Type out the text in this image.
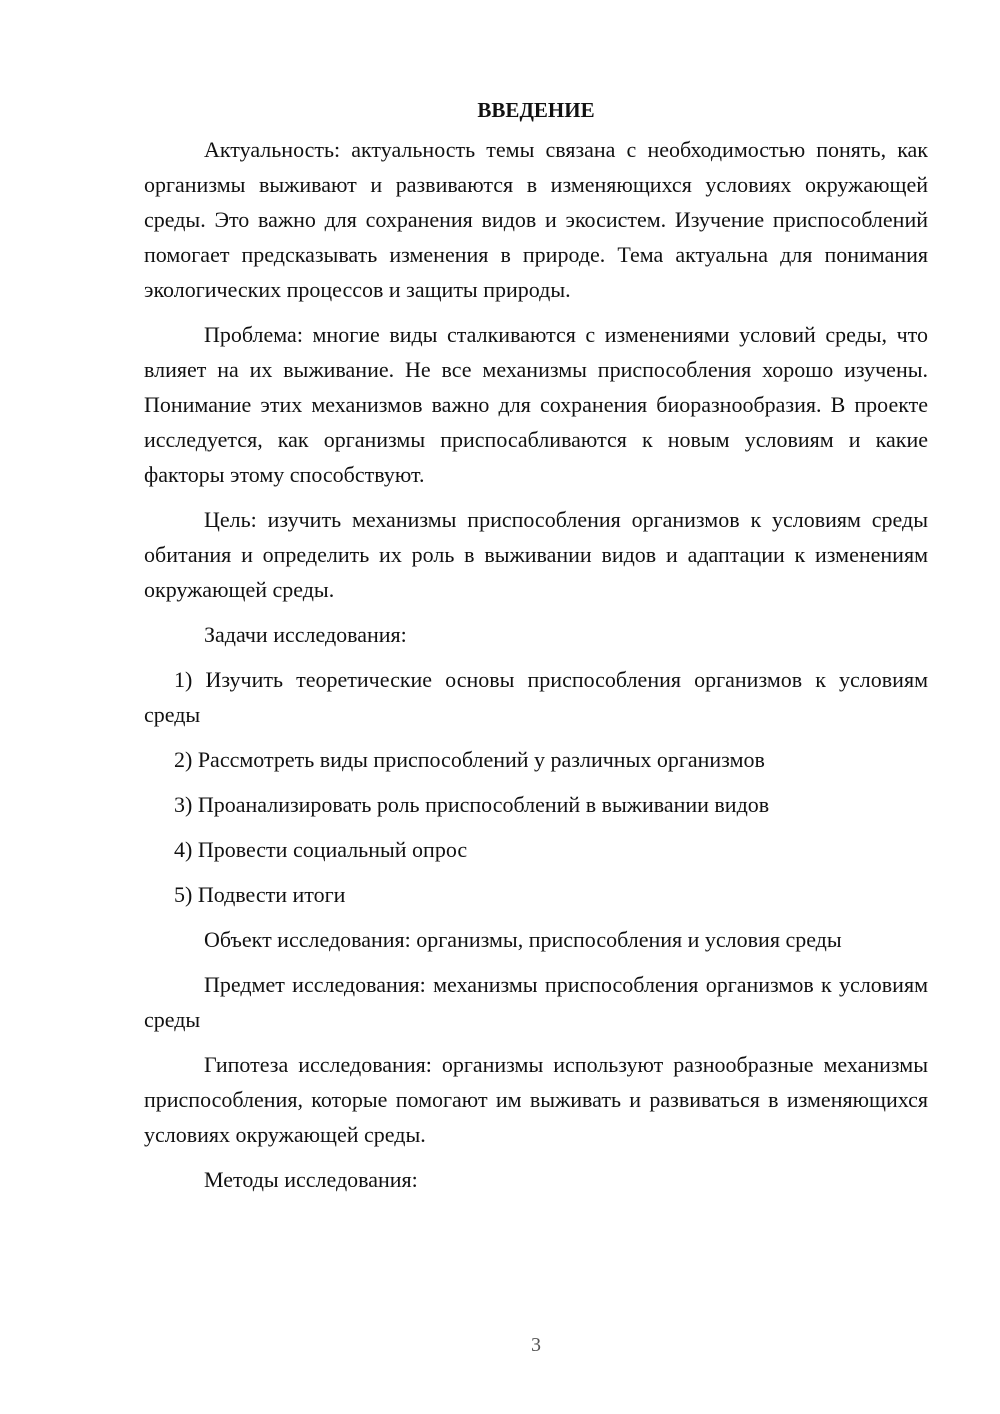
ВВЕДЕНИЕ

Актуальность: актуальность темы связана с необходимостью понять, как организмы выживают и развиваются в изменяющихся условиях окружающей среды. Это важно для сохранения видов и экосистем. Изучение приспособлений помогает предсказывать изменения в природе. Тема актуальна для понимания экологических процессов и защиты природы.

Проблема: многие виды сталкиваются с изменениями условий среды, что влияет на их выживание. Не все механизмы приспособления хорошо изучены. Понимание этих механизмов важно для сохранения биоразнообразия. В проекте исследуется, как организмы приспосабливаются к новым условиям и какие факторы этому способствуют.

Цель: изучить механизмы приспособления организмов к условиям среды обитания и определить их роль в выживании видов и адаптации к изменениям окружающей среды.

Задачи исследования:

1) Изучить теоретические основы приспособления организмов к условиям среды

2) Рассмотреть виды приспособлений у различных организмов

3) Проанализировать роль приспособлений в выживании видов

4) Провести социальный опрос

5) Подвести итоги

Объект исследования: организмы, приспособления и условия среды

Предмет исследования: механизмы приспособления организмов к условиям среды

Гипотеза исследования: организмы используют разнообразные механизмы приспособления, которые помогают им выживать и развиваться в изменяющихся условиях окружающей среды.

Методы исследования:

3
